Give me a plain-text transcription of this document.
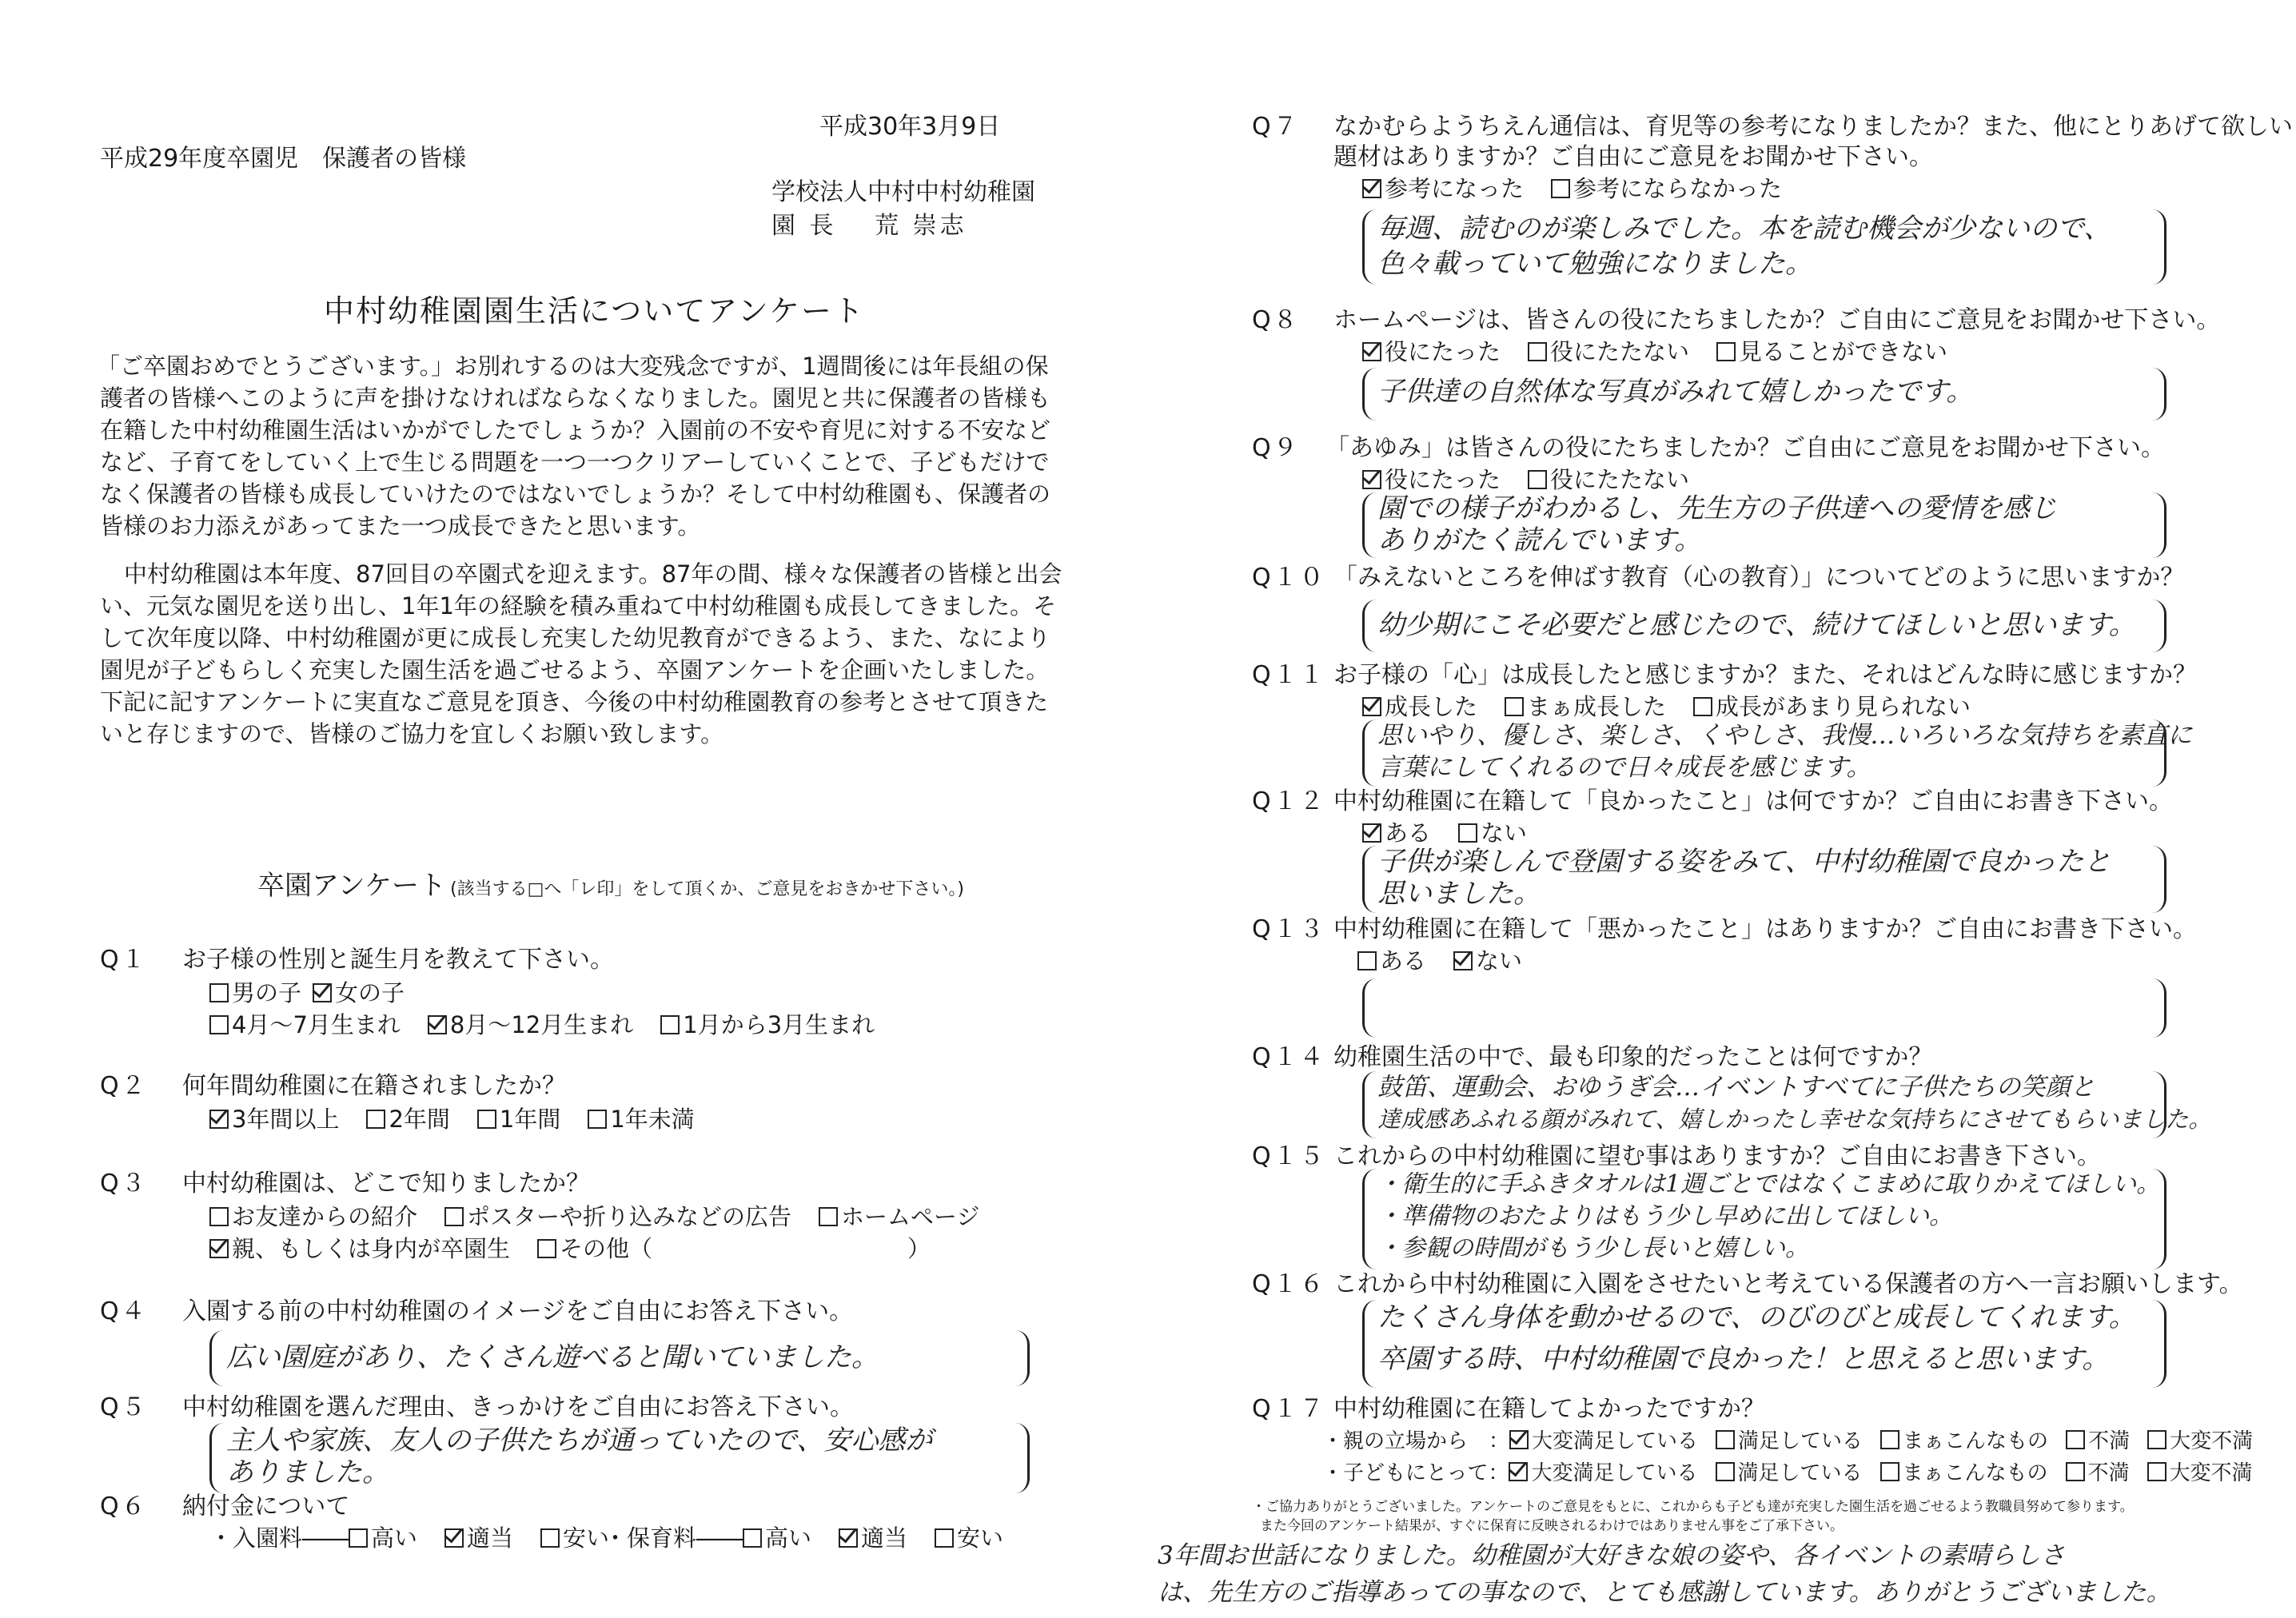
平成30年3月9日
平成29年度卒園児　保護者の皆様
学校法人中村中村幼稚園
園 長　 荒 崇志
中村幼稚園園生活についてアンケート
「ご卒園おめでとうございます。」お別れするのは大変残念ですが、1週間後には年長組の保護者の皆様へこのように声を掛けなければならなくなりました。園児と共に保護者の皆様も在籍した中村幼稚園生活はいかがでしたでしょうか？入園前の不安や育児に対する不安などなど、子育てをしていく上で生じる問題を一つ一つクリアーしていくことで、子どもだけでなく保護者の皆様も成長していけたのではないでしょうか？そして中村幼稚園も、保護者の皆様のお力添えがあってまた一つ成長できたと思います。
中村幼稚園は本年度、87回目の卒園式を迎えます。87年の間、様々な保護者の皆様と出会い、元気な園児を送り出し、1年1年の経験を積み重ねて中村幼稚園も成長してきました。そして次年度以降、中村幼稚園が更に成長し充実した幼児教育ができるよう、また、なにより園児が子どもらしく充実した園生活を過ごせるよう、卒園アンケートを企画いたしました。下記に記すアンケートに実直なご意見を頂き、今後の中村幼稚園教育の参考とさせて頂きたいと存じますので、皆様のご協力を宜しくお願い致します。
卒園アンケート (該当する□へ「レ印」をして頂くか、ご意見をおきかせ下さい。)
Q１ お子様の性別と誕生月を教えて下さい。
男の子 女の子
4月～7月生まれ 8月～12月生まれ 1月から3月生まれ
Q２ 何年間幼稚園に在籍されましたか？
3年間以上 2年間 1年間 1年未満
Q３ 中村幼稚園は、どこで知りましたか？
お友達からの紹介 ポスターや折り込みなどの広告 ホームページ
親、もしくは身内が卒園生 その他（　　　　　　　　　　　）
Q４ 入園する前の中村幼稚園のイメージをご自由にお答え下さい。
広い園庭があり、たくさん遊べると聞いていました。
Q５ 中村幼稚園を選んだ理由、きっかけをご自由にお答え下さい。
主人や家族、友人の子供たちが通っていたので、安心感が
ありました。
Q６ 納付金について
・入園料―― 高い 適当 安い
・保育料―― 高い 適当 安い
Q７ なかむらようちえん通信は、育児等の参考になりましたか？また、他にとりあげて欲しい
題材はありますか？ご自由にご意見をお聞かせ下さい。
参考になった 参考にならなかった
毎週、読むのが楽しみでした。本を読む機会が少ないので、
色々載っていて勉強になりました。
Q８ ホームページは、皆さんの役にたちましたか？ご自由にご意見をお聞かせ下さい。
役にたった 役にたたない 見ることができない
子供達の自然体な写真がみれて嬉しかったです。
Q９ 「あゆみ」は皆さんの役にたちましたか？ご自由にご意見をお聞かせ下さい。
役にたった 役にたたない
園での様子がわかるし、先生方の子供達への愛情を感じ
ありがたく読んでいます。
Q１０ 「みえないところを伸ばす教育（心の教育）」についてどのように思いますか？
幼少期にこそ必要だと感じたので、続けてほしいと思います。
Q１１ お子様の「心」は成長したと感じますか？また、それはどんな時に感じますか？
成長した まぁ成長した 成長があまり見られない
思いやり、優しさ、楽しさ、くやしさ、我慢…いろいろな気持ちを素直に
言葉にしてくれるので日々成長を感じます。
Q１２ 中村幼稚園に在籍して「良かったこと」は何ですか？ご自由にお書き下さい。
ある ない
子供が楽しんで登園する姿をみて、中村幼稚園で良かったと
思いました。
Q１３ 中村幼稚園に在籍して「悪かったこと」はありますか？ご自由にお書き下さい。
ある ない
Q１４ 幼稚園生活の中で、最も印象的だったことは何ですか？
鼓笛、運動会、おゆうぎ会…イベントすべてに子供たちの笑顔と
達成感あふれる顔がみれて、嬉しかったし幸せな気持ちにさせてもらいました。
Q１５ これからの中村幼稚園に望む事はありますか？ご自由にお書き下さい。
・衛生的に手ふきタオルは1週ごとではなくこまめに取りかえてほしい。
・準備物のおたよりはもう少し早めに出してほしい。
・参観の時間がもう少し長いと嬉しい。
Q１６ これから中村幼稚園に入園をさせたいと考えている保護者の方へ一言お願いします。
たくさん身体を動かせるので、のびのびと成長してくれます。
卒園する時、中村幼稚園で良かった！と思えると思います。
Q１７ 中村幼稚園に在籍してよかったですか？
・親の立場から　： 大変満足している 満足している まぁこんなもの 不満 大変不満
・子どもにとって： 大変満足している 満足している まぁこんなもの 不満 大変不満
・ご協力ありがとうございました。アンケートのご意見をもとに、これからも子ども達が充実した園生活を過ごせるよう教職員努めて参ります。
また今回のアンケート結果が、すぐに保育に反映されるわけではありません事をご了承下さい。
3年間お世話になりました。幼稚園が大好きな娘の姿や、各イベントの素晴らしさ
は、先生方のご指導あっての事なので、とても感謝しています。ありがとうございました。
